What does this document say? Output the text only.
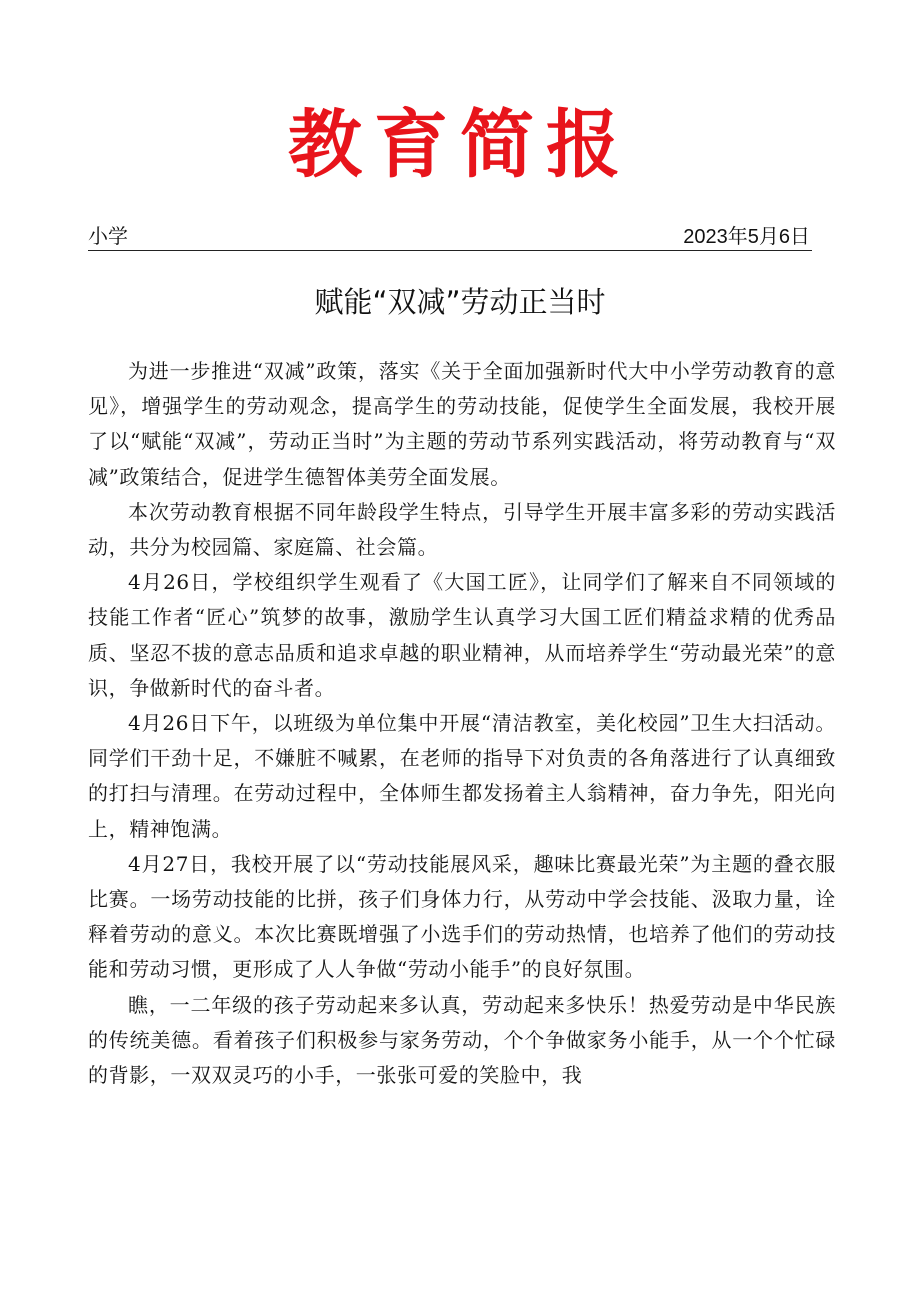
教育简报
小学	2023年5月6日
赋能“双减”劳动正当时

为进一步推进“双减”政策，落实《关于全面加强新时代大中小学劳动教育的意见》，增强学生的劳动观念，提高学生的劳动技能，促使学生全面发展，我校开展了以“赋能“双减”，劳动正当时”为主题的劳动节系列实践活动，将劳动教育与“双减”政策结合，促进学生德智体美劳全面发展。

本次劳动教育根据不同年龄段学生特点，引导学生开展丰富多彩的劳动实践活动，共分为校园篇、家庭篇、社会篇。

4月26日，学校组织学生观看了《大国工匠》，让同学们了解来自不同领域的技能工作者“匠心”筑梦的故事，激励学生认真学习大国工匠们精益求精的优秀品质、坚忍不拔的意志品质和追求卓越的职业精神，从而培养学生“劳动最光荣”的意识，争做新时代的奋斗者。

4月26日下午，以班级为单位集中开展“清洁教室，美化校园”卫生大扫活动。同学们干劲十足，不嫌脏不喊累，在老师的指导下对负责的各角落进行了认真细致的打扫与清理。在劳动过程中，全体师生都发扬着主人翁精神，奋力争先，阳光向上，精神饱满。

4月27日，我校开展了以“劳动技能展风采，趣味比赛最光荣”为主题的叠衣服比赛。一场劳动技能的比拼，孩子们身体力行，从劳动中学会技能、汲取力量，诠释着劳动的意义。本次比赛既增强了小选手们的劳动热情，也培养了他们的劳动技能和劳动习惯，更形成了人人争做“劳动小能手”的良好氛围。

瞧，一二年级的孩子劳动起来多认真，劳动起来多快乐！热爱劳动是中华民族的传统美德。看着孩子们积极参与家务劳动，个个争做家务小能手，从一个个忙碌的背影，一双双灵巧的小手，一张张可爱的笑脸中，我
